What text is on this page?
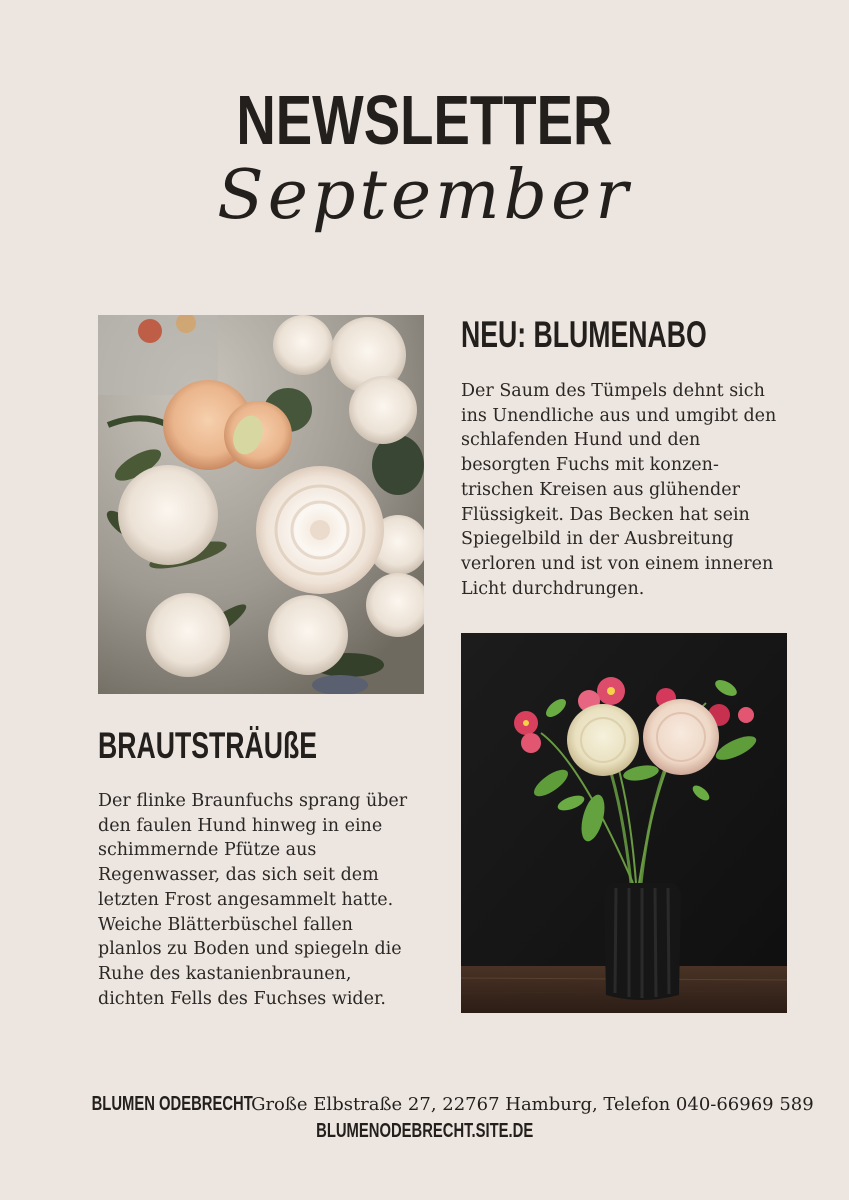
NEWSLETTER
September
NEU: BLUMENABO
Der Saum des Tümpels dehnt sich
ins Unendliche aus und umgibt den
schlafenden Hund und den
besorgten Fuchs mit konzen-
trischen Kreisen aus glühender
Flüssigkeit. Das Becken hat sein
Spiegelbild in der Ausbreitung
verloren und ist von einem inneren
Licht durchdrungen.
BRAUTSTRÄUßE
Der flinke Braunfuchs sprang über
den faulen Hund hinweg in eine
schimmernde Pfütze aus
Regenwasser, das sich seit dem
letzten Frost angesammelt hatte.
Weiche Blätterbüschel fallen
planlos zu Boden und spiegeln die
Ruhe des kastanienbraunen,
dichten Fells des Fuchses wider.
BLUMEN ODEBRECHT Große Elbstraße 27, 22767 Hamburg, Telefon 040-66969 589
BLUMENODEBRECHT.SITE.DE
